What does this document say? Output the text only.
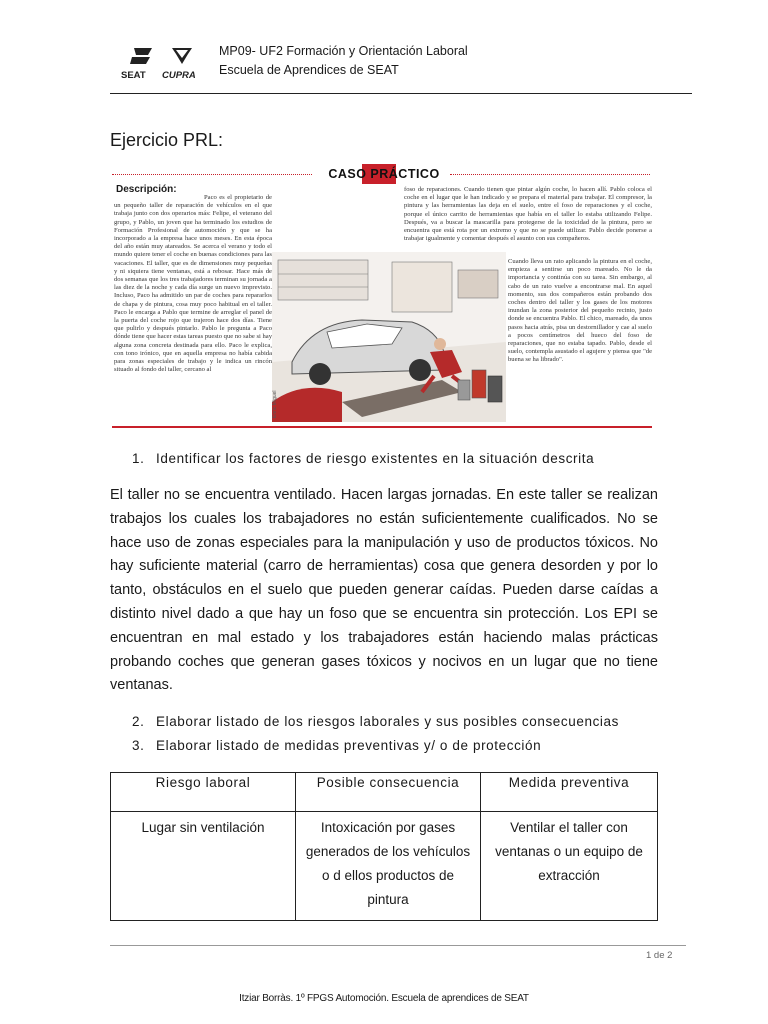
SEAT CUPRA
MP09- UF2 Formación y Orientación Laboral
Escuela de Aprendices de SEAT
Ejercicio PRL:
CASO PRÁCTICO
Descripción:
Paco es el propietario de un pequeño taller de reparación de vehículos en el que trabaja junto con dos operarios más: Felipe, el veterano del grupo, y Pablo, un joven que ha terminado los estudios de Formación Profesional de automoción y que se ha incorporado a la empresa hace unos meses. En esta época del año están muy atareados. Se acerca el verano y todo el mundo quiere tener el coche en buenas condiciones para las vacaciones. El taller, que es de dimensiones muy pequeñas y ni siquiera tiene ventanas, está a rebosar. Hace más de dos semanas que los tres trabajadores terminan su jornada a las diez de la noche y cada día surge un nuevo imprevisto. Incluso, Paco ha admitido un par de coches para repararlos de chapa y de pintura, cosa muy poco habitual en el taller. Paco le encarga a Pablo que termine de arreglar el panel de la puerta del coche rojo que trajeron hace dos días. Tiene que pulirlo y después pintarlo. Pablo le pregunta a Paco dónde tiene que hacer estas tareas puesto que no sabe si hay alguna zona concreta destinada para ello. Paco le explica, con tono irónico, que en aquella empresa no había cabida para zonas especiales de trabajo y le indica un rincón situado al fondo del taller, cercano al
foso de reparaciones. Cuando tienen que pintar algún coche, lo hacen allí. Pablo coloca el coche en el lugar que le han indicado y se prepara el material para trabajar. El compresor, la pintura y las herramientas las deja en el suelo, entre el foso de reparaciones y el coche, porque el único carrito de herramientas que había en el taller lo estaba utilizando Felipe. Después, va a buscar la mascarilla para protegerse de la toxicidad de la pintura, pero se encuentra que está rota por un extremo y que no se puede utilizar. Pablo decide ponerse a trabajar igualmente y comentar después el asunto con sus compañeros.
Cuando lleva un rato aplicando la pintura en el coche, empieza a sentirse un poco mareado. No le da importancia y continúa con su tarea. Sin embargo, al cabo de un rato vuelve a encontrarse mal. En aquel momento, sus dos compañeros están probando dos coches dentro del taller y los gases de los motores inundan la zona posterior del pequeño recinto, justo donde se encuentra Pablo. El chico, mareado, da unos pasos hacia atrás, pisa un destornillador y cae al suelo a pocos centímetros del hueco del foso de reparaciones, que no estaba tapado. Pablo, desde el suelo, contempla asustado el agujere y piensa que "de buena se ha librado".
Enric Miguel
1. Identificar los factores de riesgo existentes en la situación descrita
El taller no se encuentra ventilado. Hacen largas jornadas. En este taller se realizan trabajos los cuales los trabajadores no están suficientemente cualificados. No se hace uso de zonas especiales para la manipulación y uso de productos tóxicos. No hay suficiente material (carro de herramientas) cosa que genera desorden y por lo tanto, obstáculos en el suelo que pueden generar caídas. Pueden darse caídas a distinto nivel dado a que hay un foso que se encuentra sin protección. Los EPI se encuentran en mal estado y los trabajadores están haciendo malas prácticas probando coches que generan gases tóxicos y nocivos en un lugar que no tiene ventanas.
2. Elaborar listado de los riesgos laborales y sus posibles consecuencias
3. Elaborar listado de medidas preventivas y/ o de protección
Riesgo laboral	Posible consecuencia	Medida preventiva
Lugar sin ventilación	Intoxicación por gases generados de los vehículos o d ellos productos de pintura	Ventilar el taller con ventanas o un equipo de extracción
1 de 2
Itziar Borràs. 1º FPGS Automoción. Escuela de aprendices de SEAT
